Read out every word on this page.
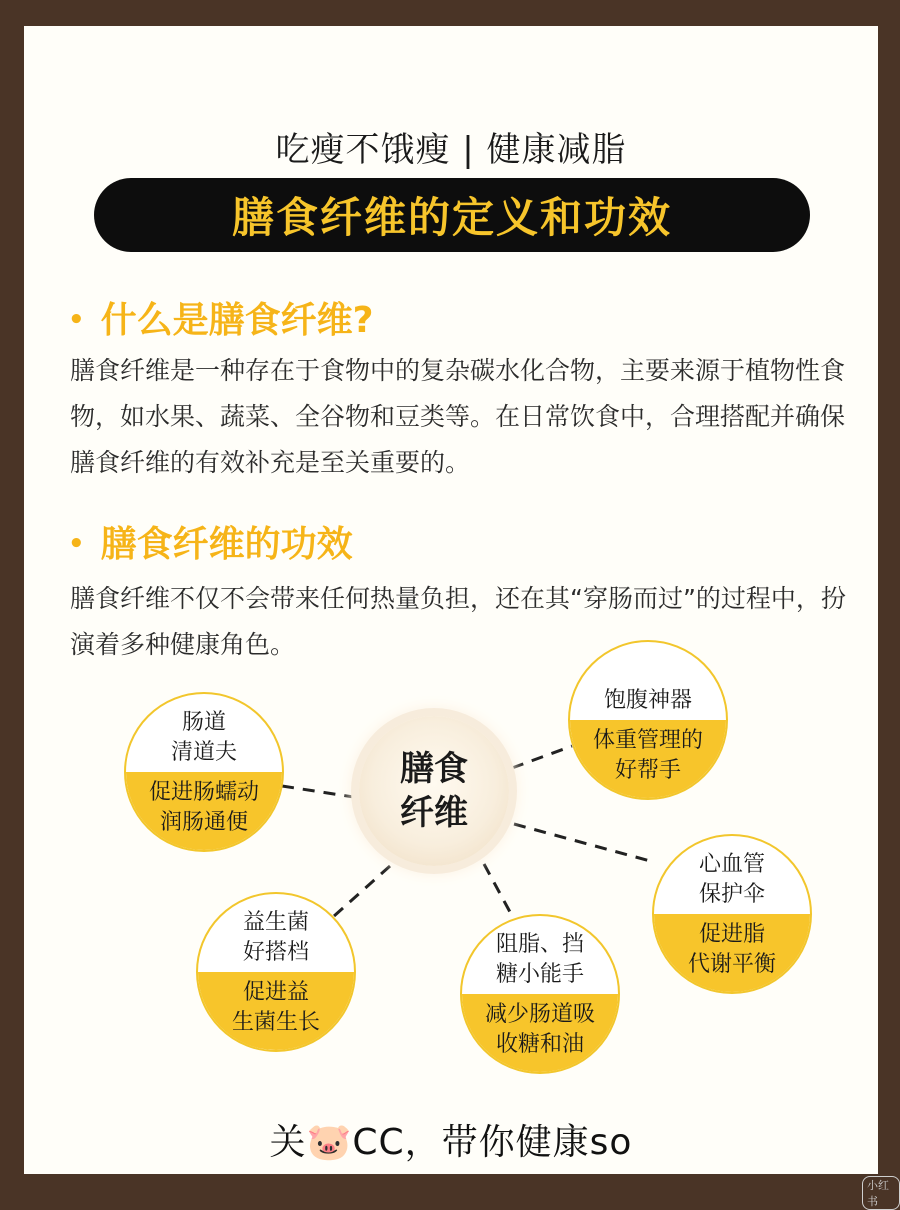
吃瘦不饿瘦 | 健康减脂
膳食纤维的定义和功效
• 什么是膳食纤维?
膳食纤维是一种存在于食物中的复杂碳水化合物，主要来源于植物性食物，如水果、蔬菜、全谷物和豆类等。在日常饮食中，合理搭配并确保膳食纤维的有效补充是至关重要的。
• 膳食纤维的功效
膳食纤维不仅不会带来任何热量负担，还在其“穿肠而过”的过程中，扮演着多种健康角色。
膳食
纤维
肠道
清道夫
促进肠蠕动
润肠通便
饱腹神器
体重管理的
好帮手
心血管
保护伞
促进脂
代谢平衡
阻脂、挡
糖小能手
减少肠道吸
收糖和油
益生菌
好搭档
促进益
生菌生长
关🐷CC，带你健康so
小红书
